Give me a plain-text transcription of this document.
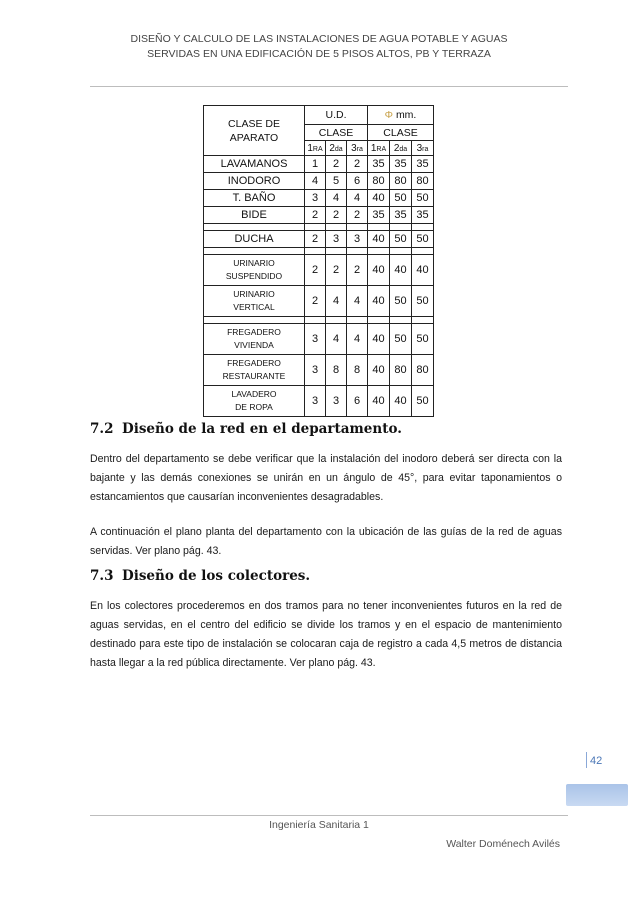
DISEÑO Y CALCULO DE LAS INSTALACIONES DE AGUA POTABLE Y AGUAS
SERVIDAS EN UNA EDIFICACIÓN DE 5 PISOS ALTOS, PB Y TERRAZA
CLASE DE
APARATO	U.D.			Φ mm.		
	CLASE			CLASE		
	1RA	2da	3ra	1RA	2da	3ra

LAVAMANOS	1	2	2	35	35	35

INODORO	4	5	6	80	80	80

T. BAÑO	3	4	4	40	50	50

BIDE	2	2	2	35	35	35

DUCHA	2	3	3	40	50	50

URINARIO
SUSPENDIDO	2	2	2	40	40	40

URINARIO
VERTICAL	2	4	4	40	50	50

FREGADERO
VIVIENDA	3	4	4	40	50	50

FREGADERO
RESTAURANTE	3	8	8	40	80	80

LAVADERO
DE ROPA	3	3	6	40	40	50
7.2 Diseño de la red en el departamento.
Dentro del departamento se debe verificar que la instalación del inodoro deberá ser directa con la bajante y las demás conexiones se unirán en un ángulo de 45°, para evitar taponamientos o estancamientos que causarían inconvenientes desagradables.
A continuación el plano planta del departamento con la ubicación de las guías de la red de aguas servidas. Ver plano pág. 43.
7.3 Diseño de los colectores.
En los colectores procederemos en dos tramos para no tener inconvenientes futuros en la red de aguas servidas, en el centro del edificio se divide los tramos y en el espacio de mantenimiento destinado para este tipo de instalación se colocaran caja de registro a cada 4,5 metros de distancia hasta llegar a la red pública directamente. Ver plano pág. 43.
42
Ingeniería Sanitaria 1
Walter Doménech Avilés
